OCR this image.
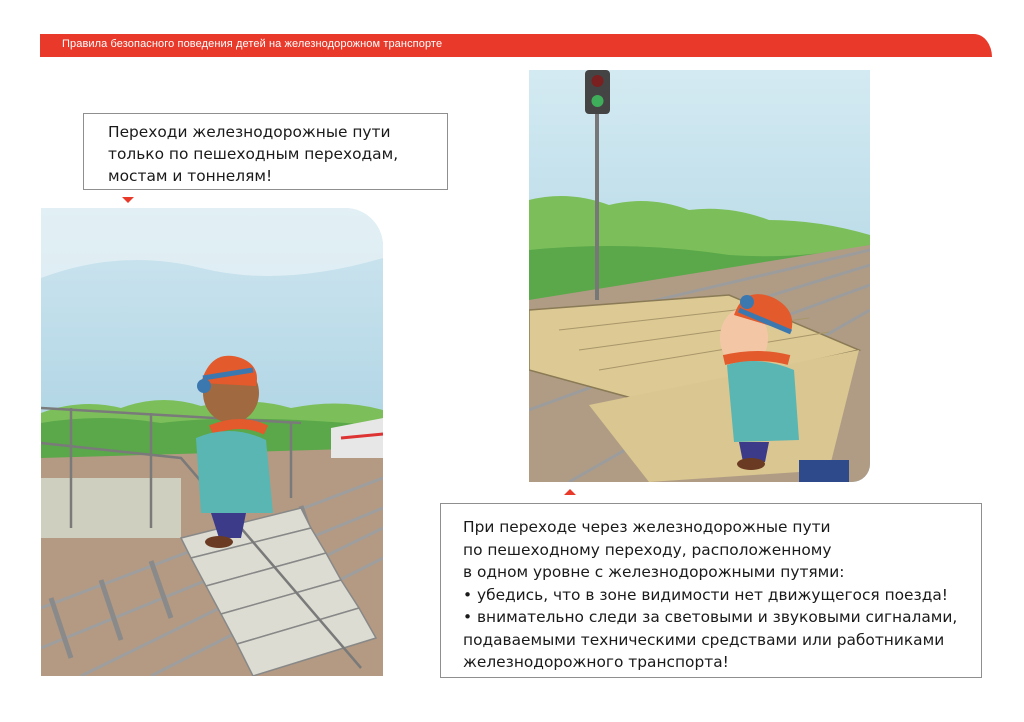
Правила безопасного поведения детей на железнодорожном транспорте

Переходи железнодорожные пути

только по пешеходным переходам,

мостам и тоннелям!

При переходе через железнодорожные пути

по пешеходному переходу, расположенному

в одном уровне с железнодорожными путями:

• убедись, что в зоне видимости нет движущегося поезда!

• внимательно следи за световыми и звуковыми сигналами,

подаваемыми техническими средствами или работниками

железнодорожного транспорта!
